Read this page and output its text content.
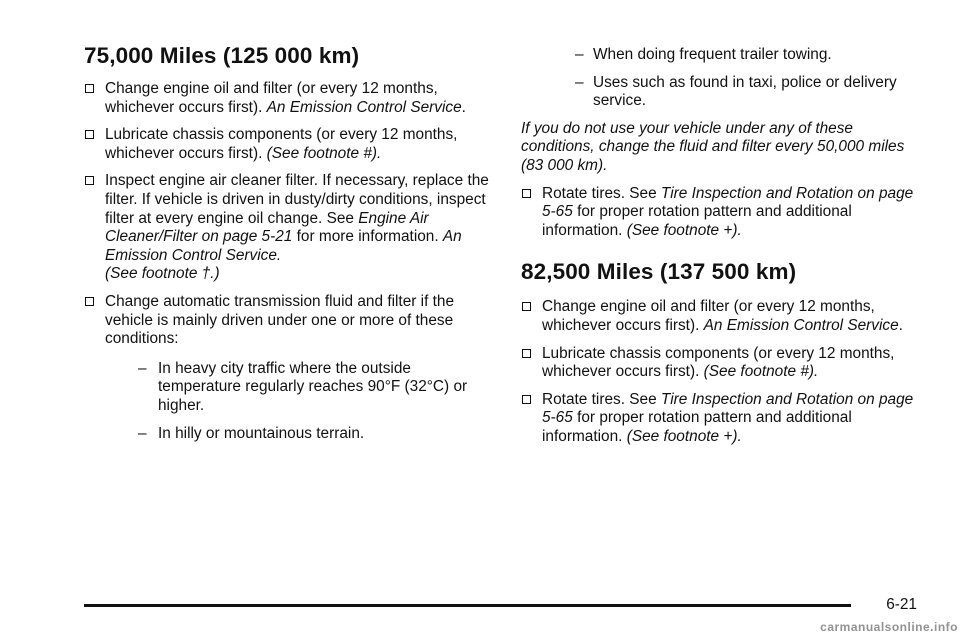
75,000 Miles (125 000 km)
Change engine oil and filter (or every 12 months, whichever occurs first). An Emission Control Service.
Lubricate chassis components (or every 12 months, whichever occurs first). (See footnote #).
Inspect engine air cleaner filter. If necessary, replace the filter. If vehicle is driven in dusty/dirty conditions, inspect filter at every engine oil change. See Engine Air Cleaner/Filter on page 5-21 for more information. An Emission Control Service.
(See footnote †.)
Change automatic transmission fluid and filter if the vehicle is mainly driven under one or more of these conditions:
– In heavy city traffic where the outside temperature regularly reaches 90°F (32°C) or higher.
– In hilly or mountainous terrain.
– When doing frequent trailer towing.
– Uses such as found in taxi, police or delivery service.
If you do not use your vehicle under any of these conditions, change the fluid and filter every 50,000 miles (83 000 km).
Rotate tires. See Tire Inspection and Rotation on page 5-65 for proper rotation pattern and additional information. (See footnote +).
82,500 Miles (137 500 km)
Change engine oil and filter (or every 12 months, whichever occurs first). An Emission Control Service.
Lubricate chassis components (or every 12 months, whichever occurs first). (See footnote #).
Rotate tires. See Tire Inspection and Rotation on page 5-65 for proper rotation pattern and additional information. (See footnote +).
6-21
carmanualsonline.info
